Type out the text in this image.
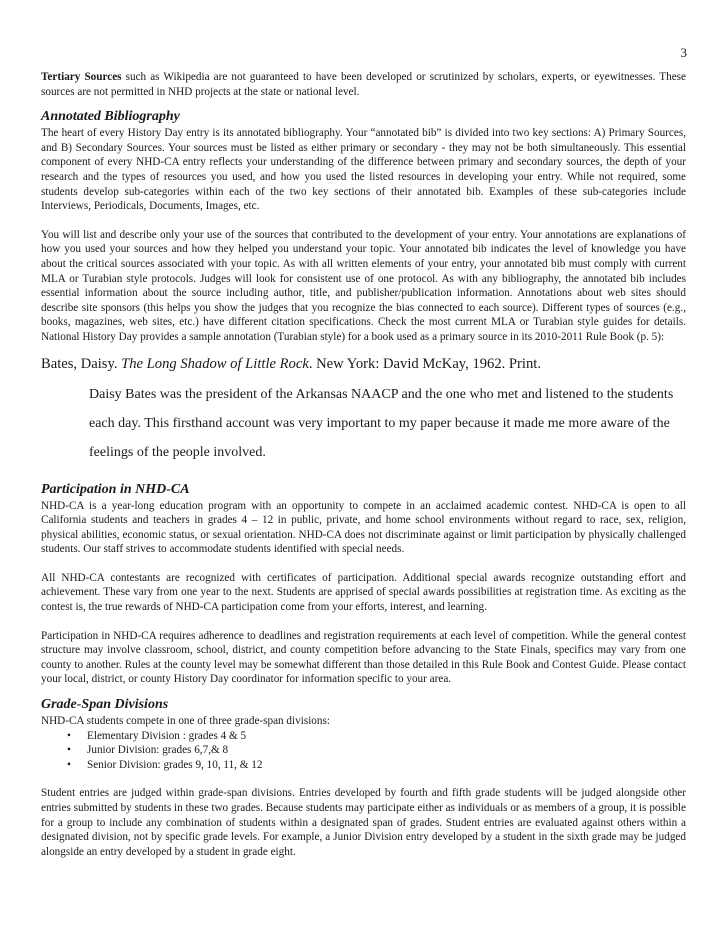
3

Tertiary Sources such as Wikipedia are not guaranteed to have been developed or scrutinized by scholars, experts, or eyewitnesses. These sources are not permitted in NHD projects at the state or national level.

Annotated Bibliography

The heart of every History Day entry is its annotated bibliography. Your “annotated bib” is divided into two key sections: A) Primary Sources, and B) Secondary Sources. Your sources must be listed as either primary or secondary - they may not be both simultaneously. This essential component of every NHD-CA entry reflects your understanding of the difference between primary and secondary sources, the depth of your research and the types of resources you used, and how you used the listed resources in developing your entry. While not required, some students develop sub-categories within each of the two key sections of their annotated bib. Examples of these sub-categories include Interviews, Periodicals, Documents, Images, etc.

You will list and describe only your use of the sources that contributed to the development of your entry. Your annotations are explanations of how you used your sources and how they helped you understand your topic. Your annotated bib indicates the level of knowledge you have about the critical sources associated with your topic. As with all written elements of your entry, your annotated bib must comply with current MLA or Turabian style protocols. Judges will look for consistent use of one protocol. As with any bibliography, the annotated bib includes essential information about the source including author, title, and publisher/publication information. Annotations about web sites should describe site sponsors (this helps you show the judges that you recognize the bias connected to each source). Different types of sources (e.g., books, magazines, web sites, etc.) have different citation specifications. Check the most current MLA or Turabian style guides for details. National History Day provides a sample annotation (Turabian style) for a book used as a primary source in its 2010-2011 Rule Book (p. 5):

Bates, Daisy. The Long Shadow of Little Rock. New York: David McKay, 1962. Print.
Daisy Bates was the president of the Arkansas NAACP and the one who met and listened to the students each day. This firsthand account was very important to my paper because it made me more aware of the feelings of the people involved.
Participation in NHD-CA

NHD-CA is a year-long education program with an opportunity to compete in an acclaimed academic contest. NHD-CA is open to all California students and teachers in grades 4 – 12 in public, private, and home school environments without regard to race, sex, religion, physical abilities, economic status, or sexual orientation. NHD-CA does not discriminate against or limit participation by physically challenged students. Our staff strives to accommodate students identified with special needs.

All NHD-CA contestants are recognized with certificates of participation. Additional special awards recognize outstanding effort and achievement. These vary from one year to the next. Students are apprised of special awards possibilities at registration time. As exciting as the contest is, the true rewards of NHD-CA participation come from your efforts, interest, and learning.

Participation in NHD-CA requires adherence to deadlines and registration requirements at each level of competition. While the general contest structure may involve classroom, school, district, and county competition before advancing to the State Finals, specifics may vary from one county to another. Rules at the county level may be somewhat different than those detailed in this Rule Book and Contest Guide. Please contact your local, district, or county History Day coordinator for information specific to your area.

Grade-Span Divisions

NHD-CA students compete in one of three grade-span divisions:

•	Elementary Division : grades 4 & 5
•	Junior Division: grades 6,7,& 8
•	Senior Division: grades 9, 10, 11, & 12

Student entries are judged within grade-span divisions. Entries developed by fourth and fifth grade students will be judged alongside other entries submitted by students in these two grades. Because students may participate either as individuals or as members of a group, it is possible for a group to include any combination of students within a designated span of grades. Student entries are evaluated against others within a designated division, not by specific grade levels. For example, a Junior Division entry developed by a student in the sixth grade may be judged alongside an entry developed by a student in grade eight.
